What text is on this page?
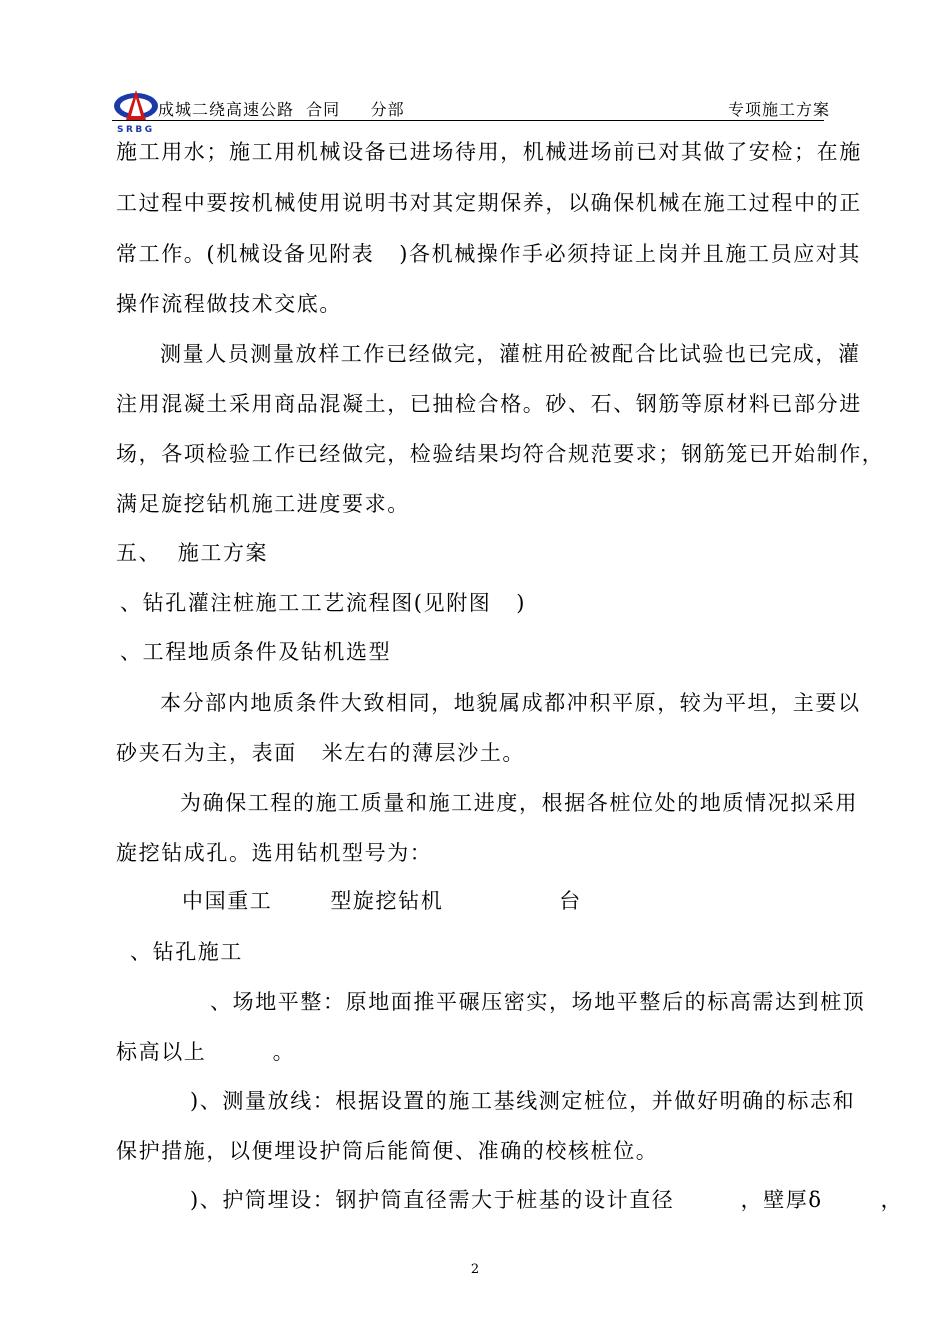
SRBG
成城二绕高速公路  合同     分部	专项施工方案
施工用水；施工用机械设备已进场待用，机械进场前已对其做了安检；在施
工过程中要按机械使用说明书对其定期保养，以确保机械在施工过程中的正
常工作。(机械设备见附表   )各机械操作手必须持证上岗并且施工员应对其
操作流程做技术交底。
测量人员测量放样工作已经做完，灌桩用砼被配合比试验也已完成，灌
注用混凝土采用商品混凝土，已抽检合格。砂、石、钢筋等原材料已部分进
场，各项检验工作已经做完，检验结果均符合规范要求；钢筋笼已开始制作，
满足旋挖钻机施工进度要求。
五、  施工方案
、钻孔灌注桩施工工艺流程图(见附图   )
、工程地质条件及钻机选型
本分部内地质条件大致相同，地貌属成都冲积平原，较为平坦，主要以
砂夹石为主，表面   米左右的薄层沙土。
为确保工程的施工质量和施工进度，根据各桩位处的地质情况拟采用
旋挖钻成孔。选用钻机型号为：
中国重工       型旋挖钻机              台
、钻孔施工
、场地平整：原地面推平碾压密实，场地平整后的标高需达到桩顶
标高以上        。
)、测量放线：根据设置的施工基线测定桩位，并做好明确的标志和
保护措施，以便埋设护筒后能简便、准确的校核桩位。
)、护筒埋设：钢护筒直径需大于桩基的设计直径        ，壁厚δ       ，
2
